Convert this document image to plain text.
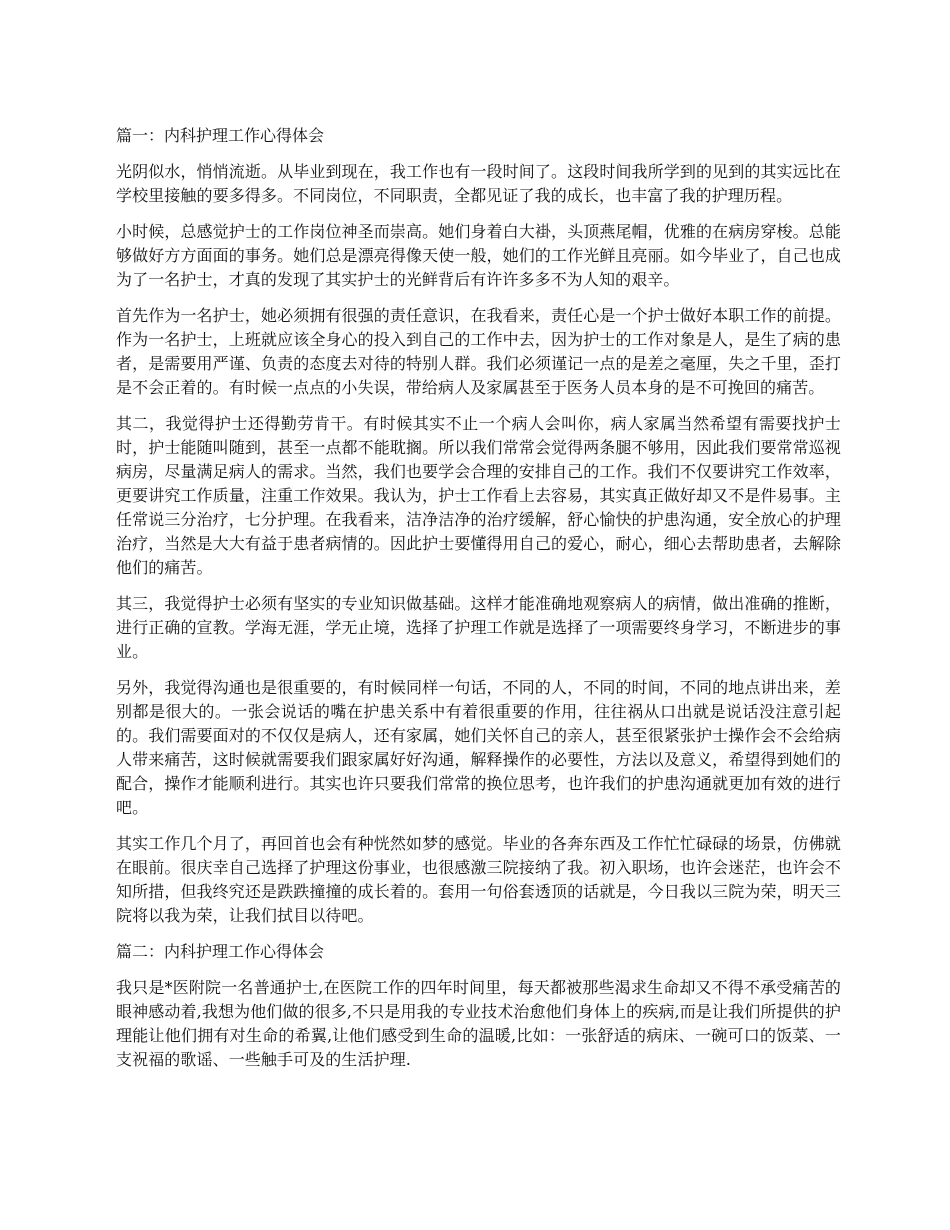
篇一：内科护理工作心得体会
光阴似水，悄悄流逝。从毕业到现在，我工作也有一段时间了。这段时间我所学到的见到的其实远比在学校里接触的要多得多。不同岗位，不同职责，全都见证了我的成长，也丰富了我的护理历程。
小时候，总感觉护士的工作岗位神圣而崇高。她们身着白大褂，头顶燕尾帽，优雅的在病房穿梭。总能够做好方方面面的事务。她们总是漂亮得像天使一般，她们的工作光鲜且亮丽。如今毕业了，自己也成为了一名护士，才真的发现了其实护士的光鲜背后有许许多多不为人知的艰辛。
首先作为一名护士，她必须拥有很强的责任意识，在我看来，责任心是一个护士做好本职工作的前提。作为一名护士，上班就应该全身心的投入到自己的工作中去，因为护士的工作对象是人，是生了病的患者，是需要用严谨、负责的态度去对待的特别人群。我们必须谨记一点的是差之毫厘，失之千里，歪打是不会正着的。有时候一点点的小失误，带给病人及家属甚至于医务人员本身的是不可挽回的痛苦。
其二，我觉得护士还得勤劳肯干。有时候其实不止一个病人会叫你，病人家属当然希望有需要找护士时，护士能随叫随到，甚至一点都不能耽搁。所以我们常常会觉得两条腿不够用，因此我们要常常巡视病房，尽量满足病人的需求。当然，我们也要学会合理的安排自己的工作。我们不仅要讲究工作效率，更要讲究工作质量，注重工作效果。我认为，护士工作看上去容易，其实真正做好却又不是件易事。主任常说三分治疗，七分护理。在我看来，洁净洁净的治疗缓解，舒心愉快的护患沟通，安全放心的护理治疗，当然是大大有益于患者病情的。因此护士要懂得用自己的爱心，耐心，细心去帮助患者，去解除他们的痛苦。
其三，我觉得护士必须有坚实的专业知识做基础。这样才能准确地观察病人的病情，做出准确的推断，进行正确的宣教。学海无涯，学无止境，选择了护理工作就是选择了一项需要终身学习，不断进步的事业。
另外，我觉得沟通也是很重要的，有时候同样一句话，不同的人，不同的时间，不同的地点讲出来，差别都是很大的。一张会说话的嘴在护患关系中有着很重要的作用，往往祸从口出就是说话没注意引起的。我们需要面对的不仅仅是病人，还有家属，她们关怀自己的亲人，甚至很紧张护士操作会不会给病人带来痛苦，这时候就需要我们跟家属好好沟通，解释操作的必要性，方法以及意义，希望得到她们的配合，操作才能顺利进行。其实也许只要我们常常的换位思考，也许我们的护患沟通就更加有效的进行吧。
其实工作几个月了，再回首也会有种恍然如梦的感觉。毕业的各奔东西及工作忙忙碌碌的场景，仿佛就在眼前。很庆幸自己选择了护理这份事业，也很感激三院接纳了我。初入职场，也许会迷茫，也许会不知所措，但我终究还是跌跌撞撞的成长着的。套用一句俗套透顶的话就是，今日我以三院为荣，明天三院将以我为荣，让我们拭目以待吧。
篇二：内科护理工作心得体会
我只是*医附院一名普通护士,在医院工作的四年时间里，每天都被那些渴求生命却又不得不承受痛苦的眼神感动着,我想为他们做的很多,不只是用我的专业技术治愈他们身体上的疾病,而是让我们所提供的护理能让他们拥有对生命的希翼,让他们感受到生命的温暖,比如：一张舒适的病床、一碗可口的饭菜、一支祝福的歌谣、一些触手可及的生活护理.
